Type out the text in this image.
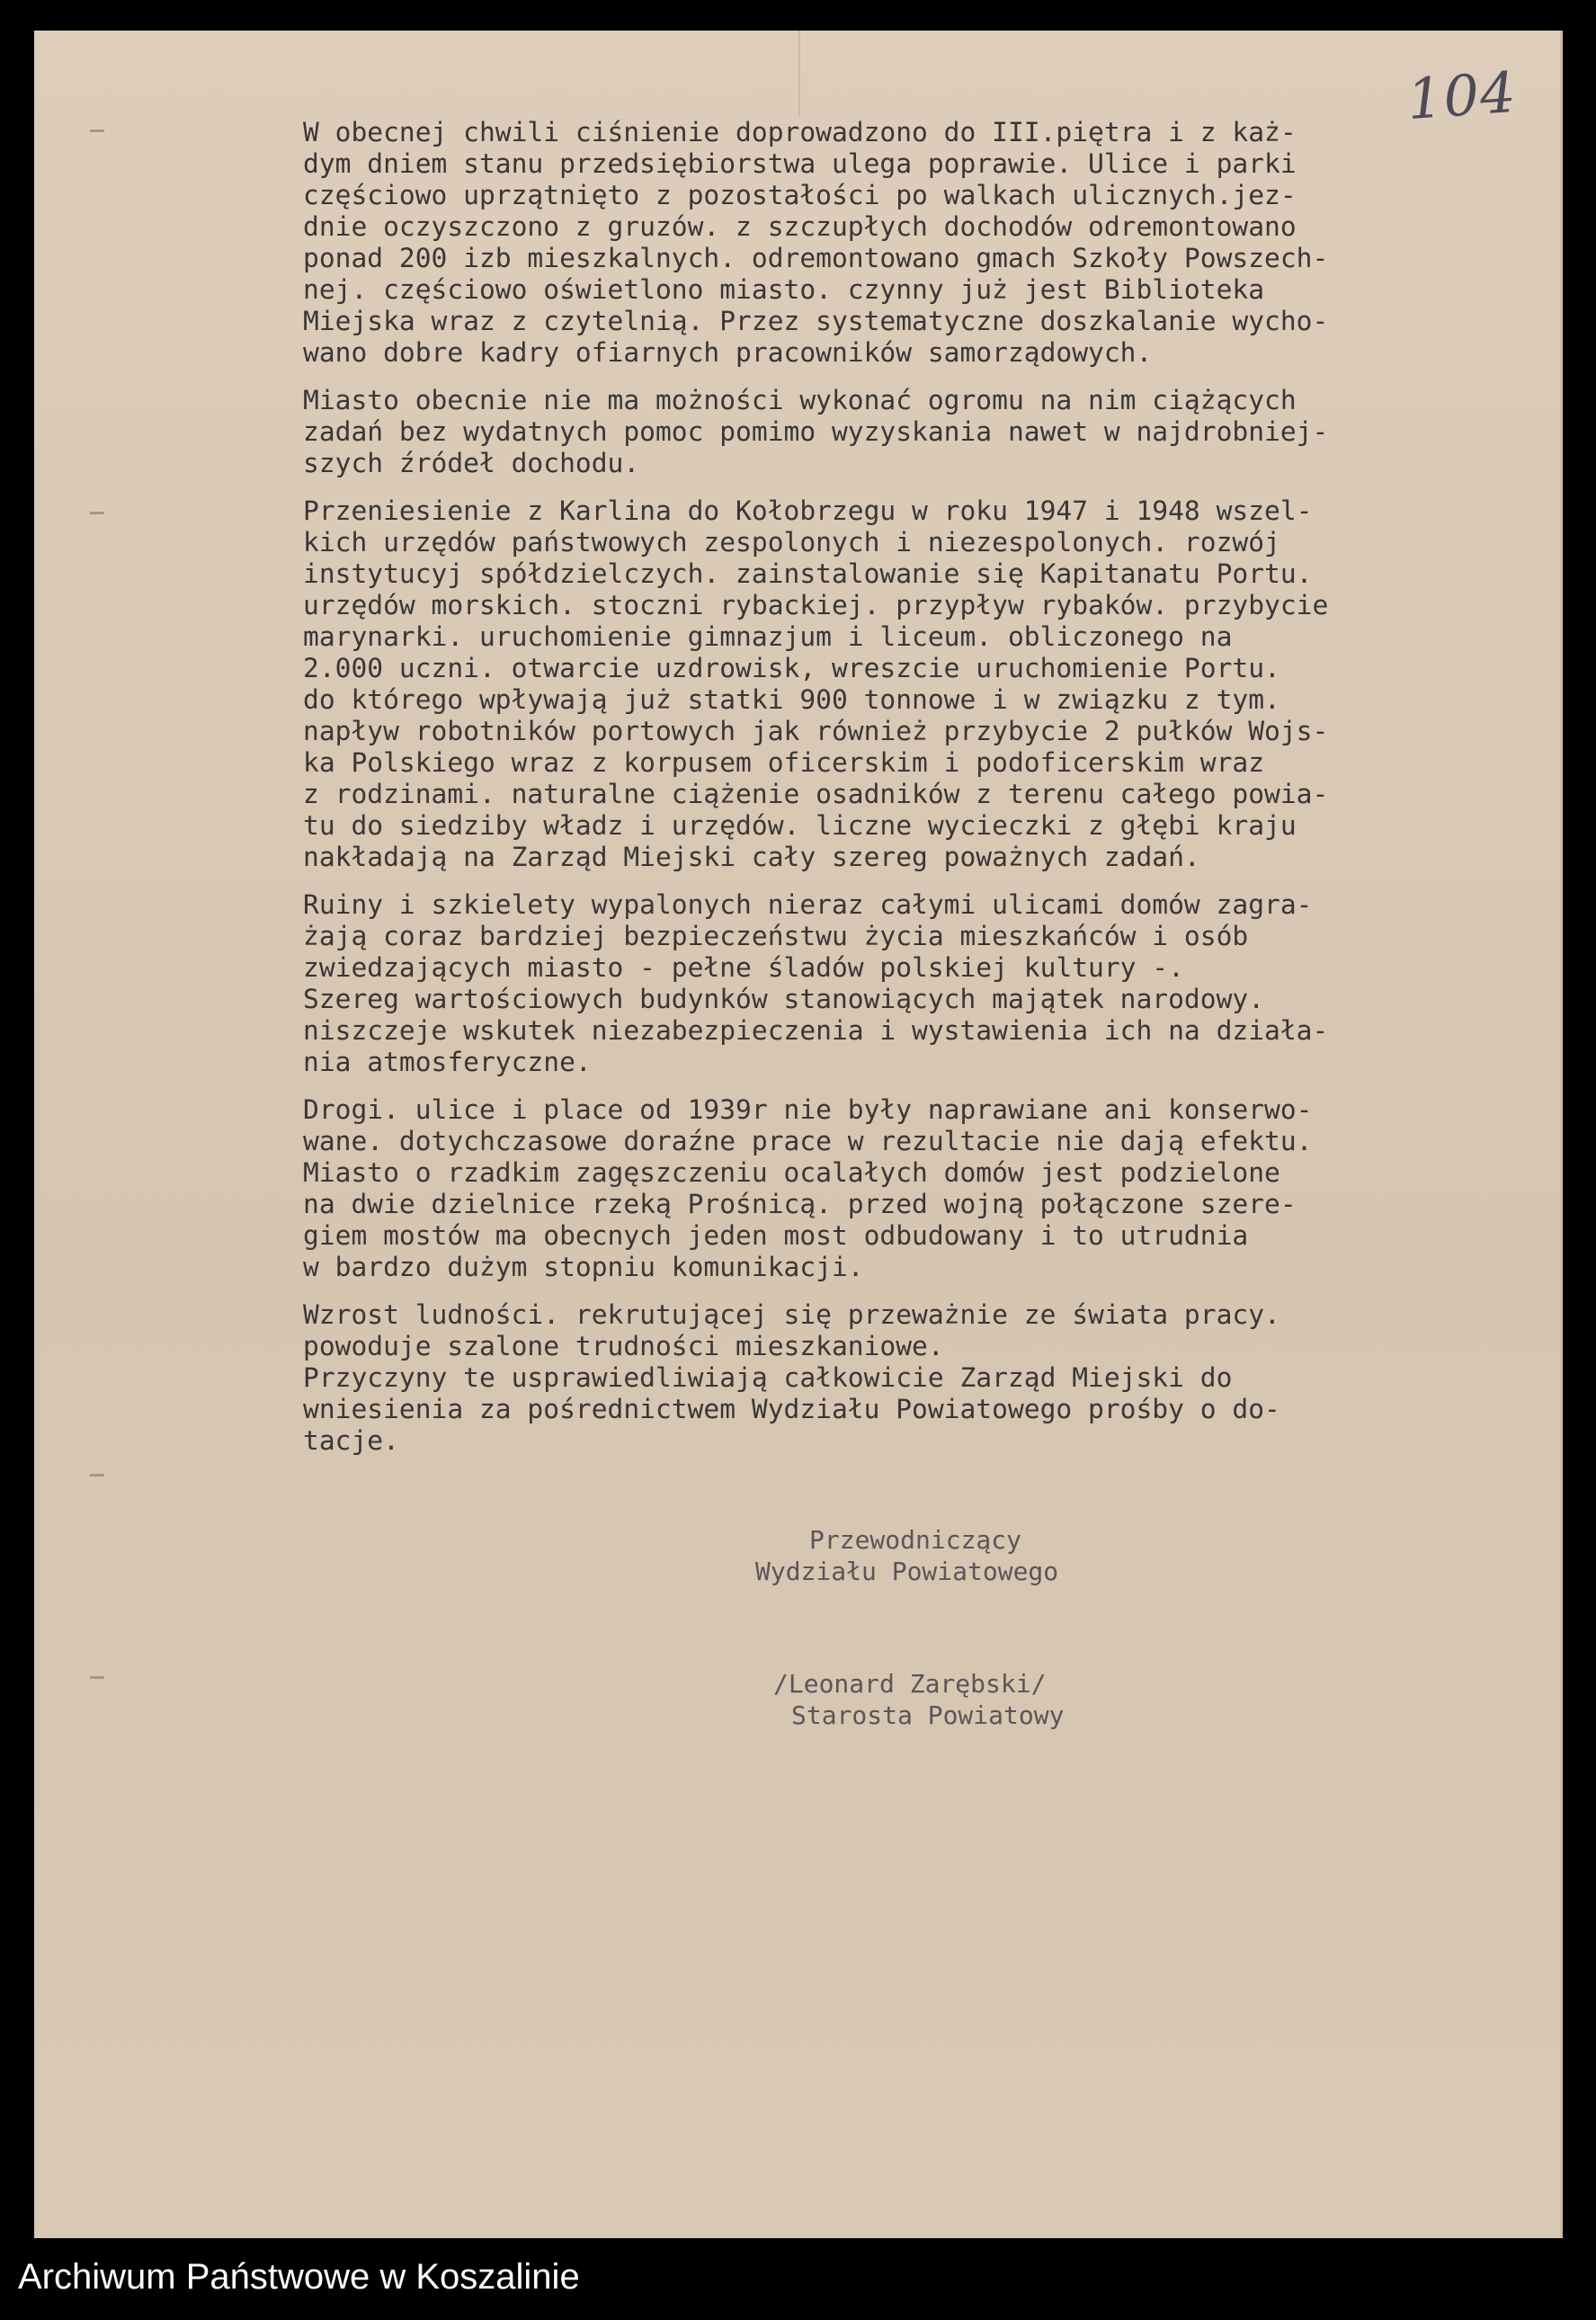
104
W obecnej chwili ciśnienie doprowadzono do III.piętra i z każ-
dym dniem stanu przedsiębiorstwa ulega poprawie. Ulice i parki
częściowo uprzątnięto z pozostałości po walkach ulicznych.jez-
dnie oczyszczono z gruzów. z szczupłych dochodów odremontowano
ponad 200 izb mieszkalnych. odremontowano gmach Szkoły Powszech-
nej. częściowo oświetlono miasto. czynny już jest Biblioteka
Miejska wraz z czytelnią. Przez systematyczne doszkalanie wycho-
wano dobre kadry ofiarnych pracowników samorządowych.
Miasto obecnie nie ma możności wykonać ogromu na nim ciążących
zadań bez wydatnych pomoc pomimo wyzyskania nawet w najdrobniej-
szych źródeł dochodu.
Przeniesienie z Karlina do Kołobrzegu w roku 1947 i 1948 wszel-
kich urzędów państwowych zespolonych i niezespolonych. rozwój
instytucyj spółdzielczych. zainstalowanie się Kapitanatu Portu.
urzędów morskich. stoczni rybackiej. przypływ rybaków. przybycie
marynarki. uruchomienie gimnazjum i liceum. obliczonego na
2.000 uczni. otwarcie uzdrowisk, wreszcie uruchomienie Portu.
do którego wpływają już statki 900 tonnowe i w związku z tym.
napływ robotników portowych jak również przybycie 2 pułków Wojs-
ka Polskiego wraz z korpusem oficerskim i podoficerskim wraz
z rodzinami. naturalne ciążenie osadników z terenu całego powia-
tu do siedziby władz i urzędów. liczne wycieczki z głębi kraju
nakładają na Zarząd Miejski cały szereg poważnych zadań.
Ruiny i szkielety wypalonych nieraz całymi ulicami domów zagra-
żają coraz bardziej bezpieczeństwu życia mieszkańców i osób
zwiedzających miasto - pełne śladów polskiej kultury -.
Szereg wartościowych budynków stanowiących majątek narodowy.
niszczeje wskutek niezabezpieczenia i wystawienia ich na działa-
nia atmosferyczne.
Drogi. ulice i place od 1939r nie były naprawiane ani konserwo-
wane. dotychczasowe doraźne prace w rezultacie nie dają efektu.
Miasto o rzadkim zagęszczeniu ocalałych domów jest podzielone
na dwie dzielnice rzeką Prośnicą. przed wojną połączone szere-
giem mostów ma obecnych jeden most odbudowany i to utrudnia
w bardzo dużym stopniu komunikacji.
Wzrost ludności. rekrutującej się przeważnie ze świata pracy.
powoduje szalone trudności mieszkaniowe.
Przyczyny te usprawiedliwiają całkowicie Zarząd Miejski do
wniesienia za pośrednictwem Wydziału Powiatowego prośby o do-
tacje.
Przewodniczący
Wydziału Powiatowego
/Leonard Zarębski/
Starosta Powiatowy
Archiwum Państwowe w Koszalinie
